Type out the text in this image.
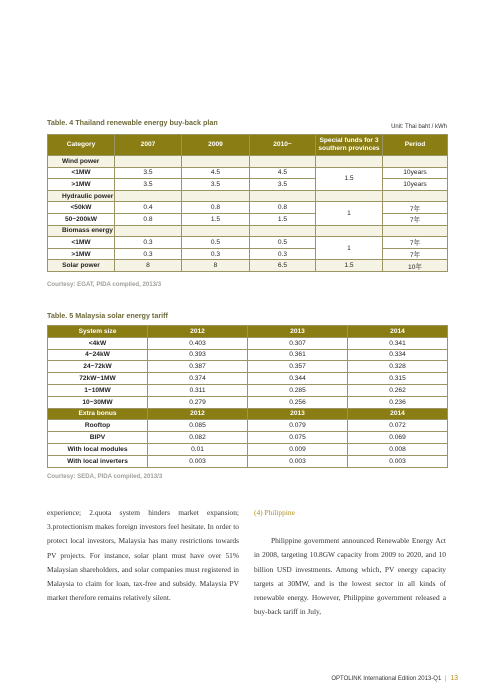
Table. 4 Thailand renewable energy buy-back plan	Unit: Thai baht / kWh
Category	2007	2009	2010~	Special funds for 3 southern provinces	Period
Wind power					
<1MW	3.5	4.5	4.5	1.5	10years
>1MW	3.5	3.5	3.5		10years
Hydraulic power					
<50kW	0.4	0.8	0.8	1	7年
50~200kW	0.8	1.5	1.5		7年
Biomass energy					
<1MW	0.3	0.5	0.5	1	7年
>1MW	0.3	0.3	0.3		7年
Solar power	8	8	6.5	1.5	10年
Courtesy: EGAT, PIDA compiled, 2013/3
Table. 5 Malaysia solar energy tariff
System size	2012	2013	2014
<4kW	0.403	0.307	0.341
4~24kW	0.393	0.361	0.334
24~72kW	0.387	0.357	0.328
72kW~1MW	0.374	0.344	0.315
1~10MW	0.311	0.285	0.262
10~30MW	0.279	0.256	0.236
Extra bonus	2012	2013	2014
Rooftop	0.085	0.079	0.072
BIPV	0.082	0.075	0.069
With local modules	0.01	0.009	0.008
With local inverters	0.003	0.003	0.003
Courtesy: SEDA, PIDA compiled, 2013/3

experience; 2.quota system hinders market expansion; 3.protectionism makes foreign investors feel hesitate. In order to protect local investors, Malaysia has many restrictions towards PV projects. For instance, solar plant must have over 51% Malaysian shareholders, and solar companies must registered in Malaysia to claim for loan, tax-free and subsidy. Malaysia PV market therefore remains relatively silent.

(4) Philippine

Philippine government announced Renewable Energy Act in 2008, targeting 10.8GW capacity from 2009 to 2020, and 10 billion USD investments. Among which, PV energy capacity targets at 30MW, and is the lowest sector in all kinds of renewable energy. However, Philippine government released a buy-back tariff in July,

OPTOLINK International Edition 2013-Q1 | 13
